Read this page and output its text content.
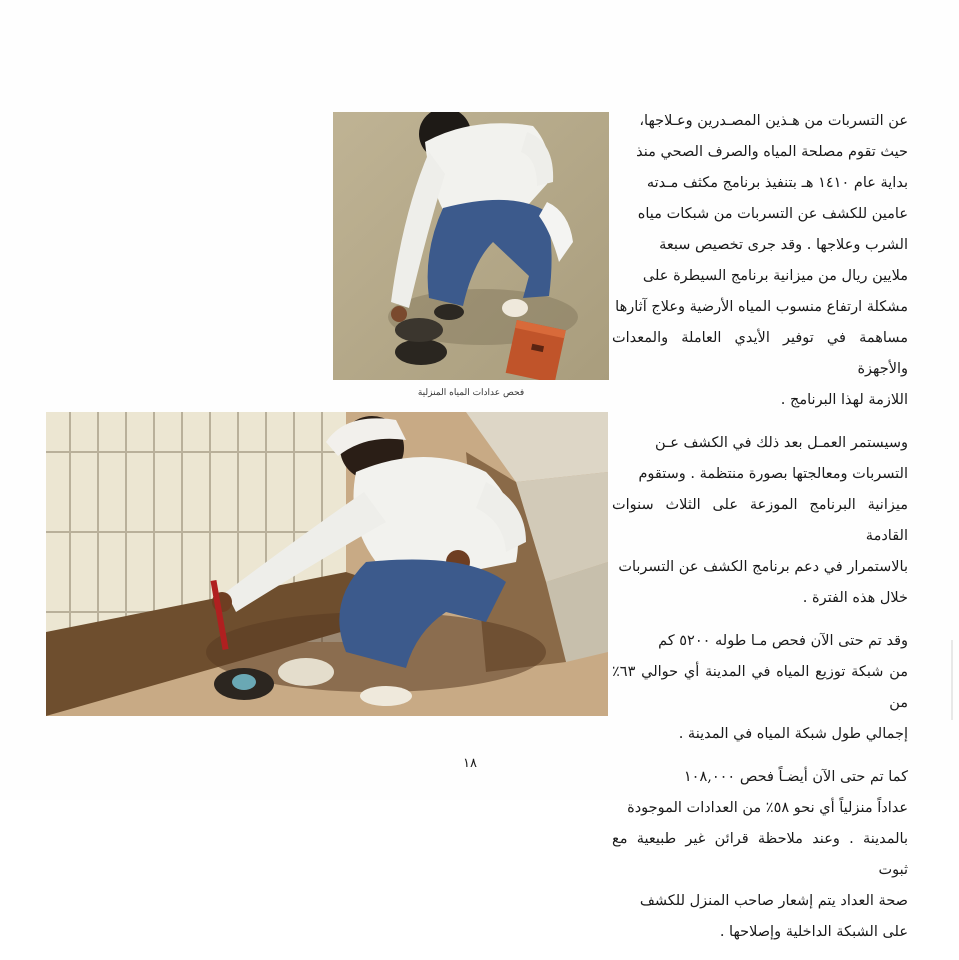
فحص عدادات المياه المنزلية

عن التسربات من هـذين المصـدرين وعـلاجها،

حيث تقوم مصلحة المياه والصرف الصحي منذ

بداية عام ١٤١٠ هـ بتنفيذ برنامج مكثف مـدته

عامين للكشف عن التسربات من شبكات مياه

الشرب وعلاجها . وقد جرى تخصيص سبعة

ملايين ريال من ميزانية برنامج السيطرة على

مشكلة ارتفاع منسوب المياه الأرضية وعلاج آثارها

مساهمة في توفير الأيدي العاملة والمعدات والأجهزة

اللازمة لهذا البرنامج .

وسيستمر العمـل بعد ذلك في الكشف عـن

التسربات ومعالجتها بصورة منتظمة . وستقوم

ميزانية البرنامج الموزعة على الثلاث سنوات القادمة

بالاستمرار في دعم برنامج الكشف عن التسربات

خلال هذه الفترة .

وقد تم حتى الآن فحص مـا طوله ٥٢٠٠ كم

من شبكة توزيع المياه في المدينة أي حوالي ٦٣٪ من

إجمالي طول شبكة المياه في المدينة .

كما تم حتى الآن أيضـاً فحص ١٠٨,٠٠٠

عداداً منزلياً أي نحو ٥٨٪ من العدادات الموجودة

بالمدينة . وعند ملاحظة قرائن غير طبيعية مع ثبوت

صحة العداد يتم إشعار صاحب المنزل للكشف

على الشبكة الداخلية وإصلاحها .

١٨
